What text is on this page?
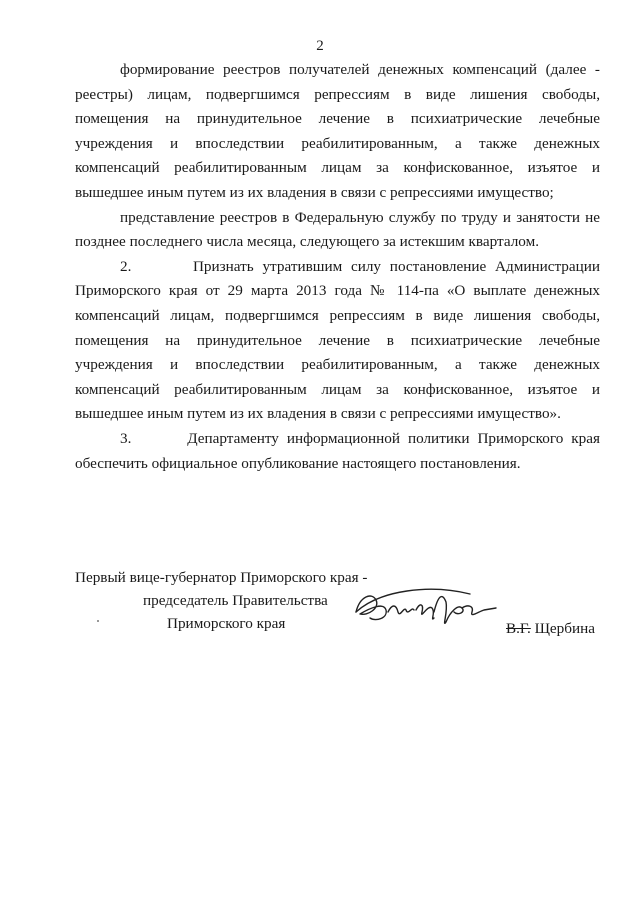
2

формирование реестров получателей денежных компенсаций (далее - реестры) лицам, подвергшимся репрессиям в виде лишения свободы, помещения на принудительное лечение в психиатрические лечебные учреждения и впоследствии реабилитированным, а также денежных компенсаций реабилитированным лицам за конфискованное, изъятое и вышедшее иным путем из их владения в связи с репрессиями имущество;

представление реестров в Федеральную службу по труду и занятости не позднее последнего числа месяца, следующего за истекшим кварталом.

2.       Признать утратившим силу постановление Администрации Приморского края от 29 марта 2013 года № 114-па «О выплате денежных компенсаций лицам, подвергшимся репрессиям в виде лишения свободы, помещения на принудительное лечение в психиатрические лечебные учреждения и впоследствии реабилитированным, а также денежных компенсаций реабилитированным лицам за конфискованное, изъятое и вышедшее иным путем из их владения в связи с репрессиями имущество».

3.       Департаменту информационной политики Приморского края обеспечить официальное опубликование настоящего постановления.

Первый вице-губернатор Приморского края -
председатель Правительства
Приморского края	В.Г. Щербина
